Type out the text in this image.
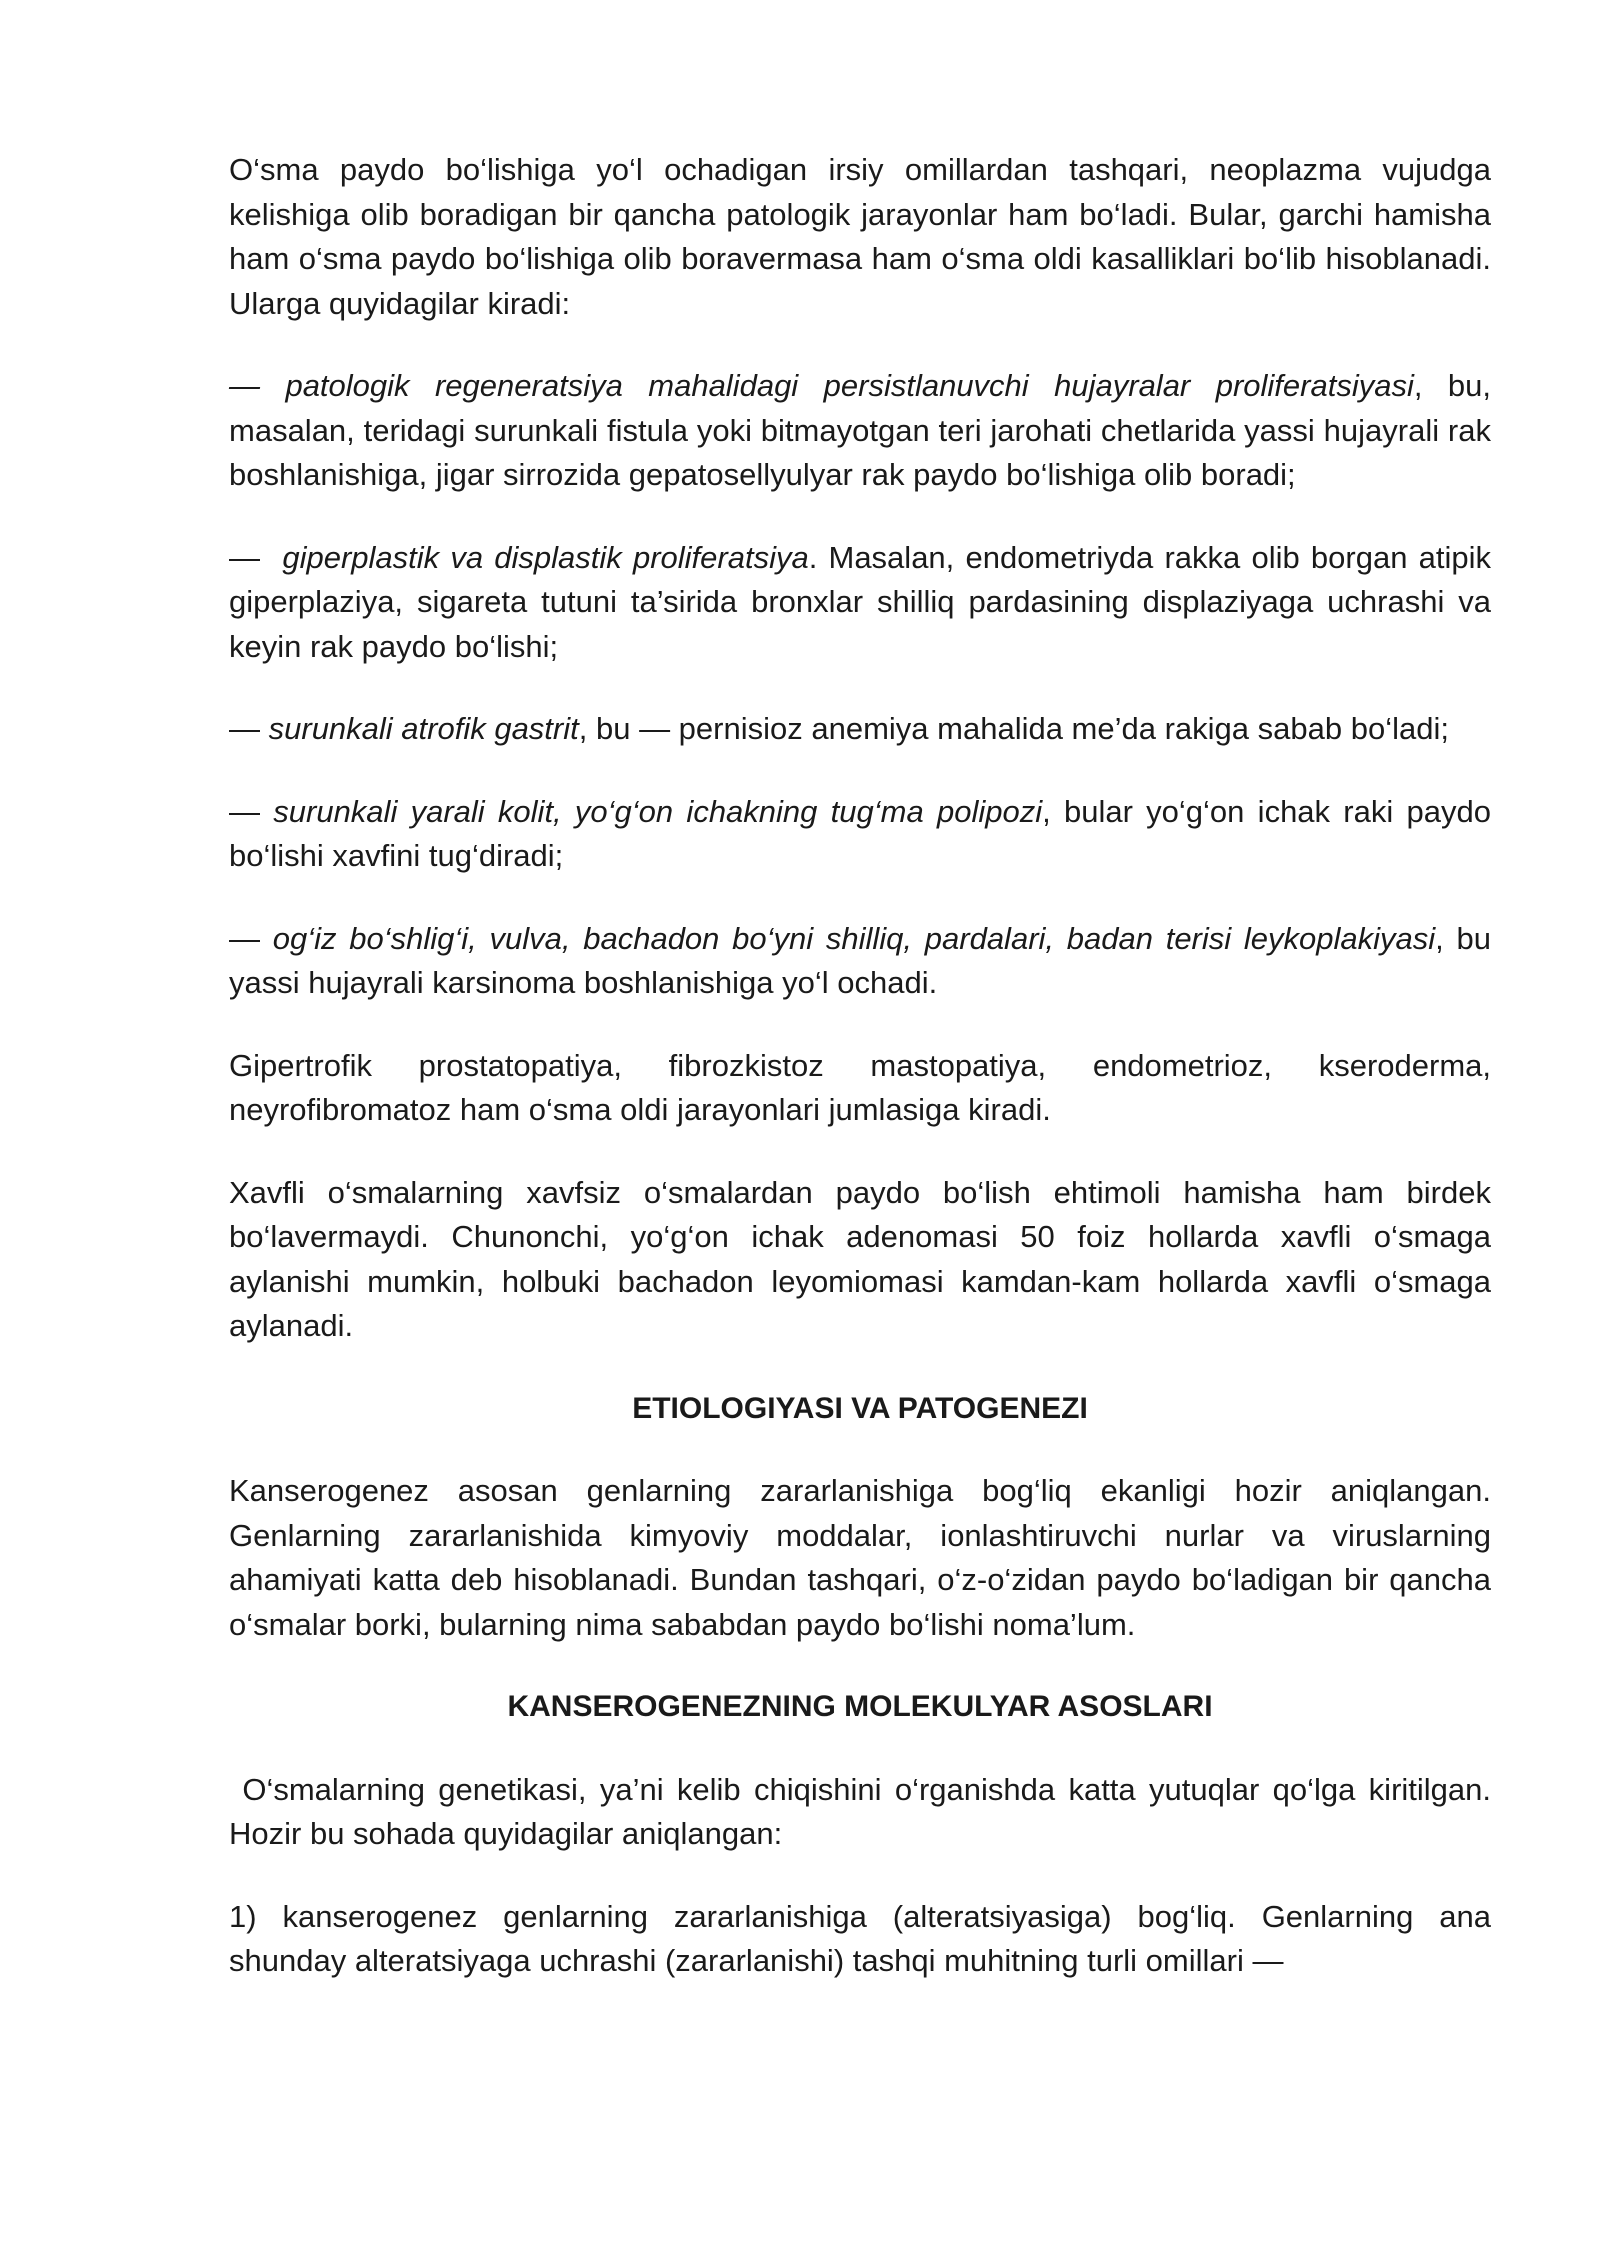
O‘sma paydo bo‘lishiga yo‘l ochadigan irsiy omillardan tashqari, neoplazma vujudga kelishiga olib boradigan bir qancha patologik jarayonlar ham bo‘ladi. Bular, garchi hamisha ham o‘sma paydo bo‘lishiga olib boravermasa ham o‘sma oldi kasalliklari bo‘lib hisoblanadi. Ularga quyidagilar kiradi:

— patologik regeneratsiya mahalidagi persistlanuvchi hujayralar proliferatsiyasi, bu, masalan, teridagi surunkali fistula yoki bitmayotgan teri jarohati chetlarida yassi hujayrali rak boshlanishiga, jigar sirrozida gepatosellyulyar rak paydo bo‘lishiga olib boradi;

—  giperplastik va displastik proliferatsiya. Masalan, endometriyda rakka olib borgan atipik giperplaziya, sigareta tutuni ta’sirida bronxlar shilliq pardasining displaziyaga uchrashi va keyin rak paydo bo‘lishi;

— surunkali atrofik gastrit, bu — pernisioz anemiya mahalida me’da rakiga sabab bo‘ladi;

— surunkali yarali kolit, yo‘g‘on ichakning tug‘ma polipozi, bular yo‘g‘on ichak raki paydo bo‘lishi xavfini tug‘diradi;

— og‘iz bo‘shlig‘i, vulva, bachadon bo‘yni shilliq, pardalari, badan terisi leykoplakiyasi, bu yassi hujayrali karsinoma boshlanishiga yo‘l ochadi.

Gipertrofik prostatopatiya, fibrozkistoz mastopatiya, endometrioz, kseroderma, neyrofibromatoz ham o‘sma oldi jarayonlari jumlasiga kiradi.

Xavfli o‘smalarning xavfsiz o‘smalardan paydo bo‘lish ehtimoli hamisha ham birdek bo‘lavermaydi. Chunonchi, yo‘g‘on ichak adenomasi 50 foiz hollarda xavfli o‘smaga aylanishi mumkin, holbuki bachadon leyomiomasi kamdan-kam hollarda xavfli o‘smaga aylanadi.

ETIOLOGIYASI VA PATOGENEZI

Kanserogenez asosan genlarning zararlanishiga bog‘liq ekanligi hozir aniqlangan. Genlarning zararlanishida kimyoviy moddalar, ionlashtiruvchi nurlar va viruslarning ahamiyati katta deb hisoblanadi. Bundan tashqari, o‘z-o‘zidan paydo bo‘ladigan bir qancha o‘smalar borki, bularning nima sababdan paydo bo‘lishi noma’lum.

KANSEROGENEZNING MOLEKULYAR ASOSLARI

O‘smalarning genetikasi, ya’ni kelib chiqishini o‘rganishda katta yutuqlar qo‘lga kiritilgan. Hozir bu sohada quyidagilar aniqlangan:

1) kanserogenez genlarning zararlanishiga (alteratsiyasiga) bog‘liq. Genlarning ana shunday alteratsiyaga uchrashi (zararlanishi) tashqi muhitning turli omillari —
